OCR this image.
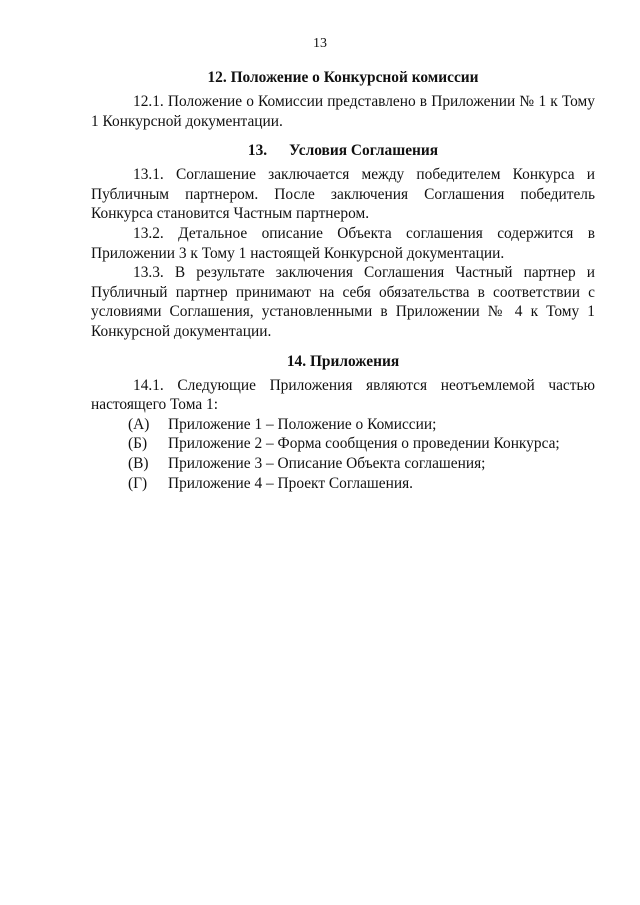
13

12. Положение о Конкурсной комиссии

12.1. Положение о Комиссии представлено в Приложении № 1 к Тому 1 Конкурсной документации.

13. Условия Соглашения

13.1. Соглашение заключается между победителем Конкурса и Публичным партнером. После заключения Соглашения победитель Конкурса становится Частным партнером.

13.2. Детальное описание Объекта соглашения содержится в Приложении 3 к Тому 1 настоящей Конкурсной документации.

13.3. В результате заключения Соглашения Частный партнер и Публичный партнер принимают на себя обязательства в соответствии с условиями Соглашения, установленными в Приложении № 4 к Тому 1 Конкурсной документации.

14. Приложения

14.1. Следующие Приложения являются неотъемлемой частью настоящего Тома 1:

(А) Приложение 1 – Положение о Комиссии;
(Б) Приложение 2 – Форма сообщения о проведении Конкурса;
(В) Приложение 3 – Описание Объекта соглашения;
(Г) Приложение 4 – Проект Соглашения.
